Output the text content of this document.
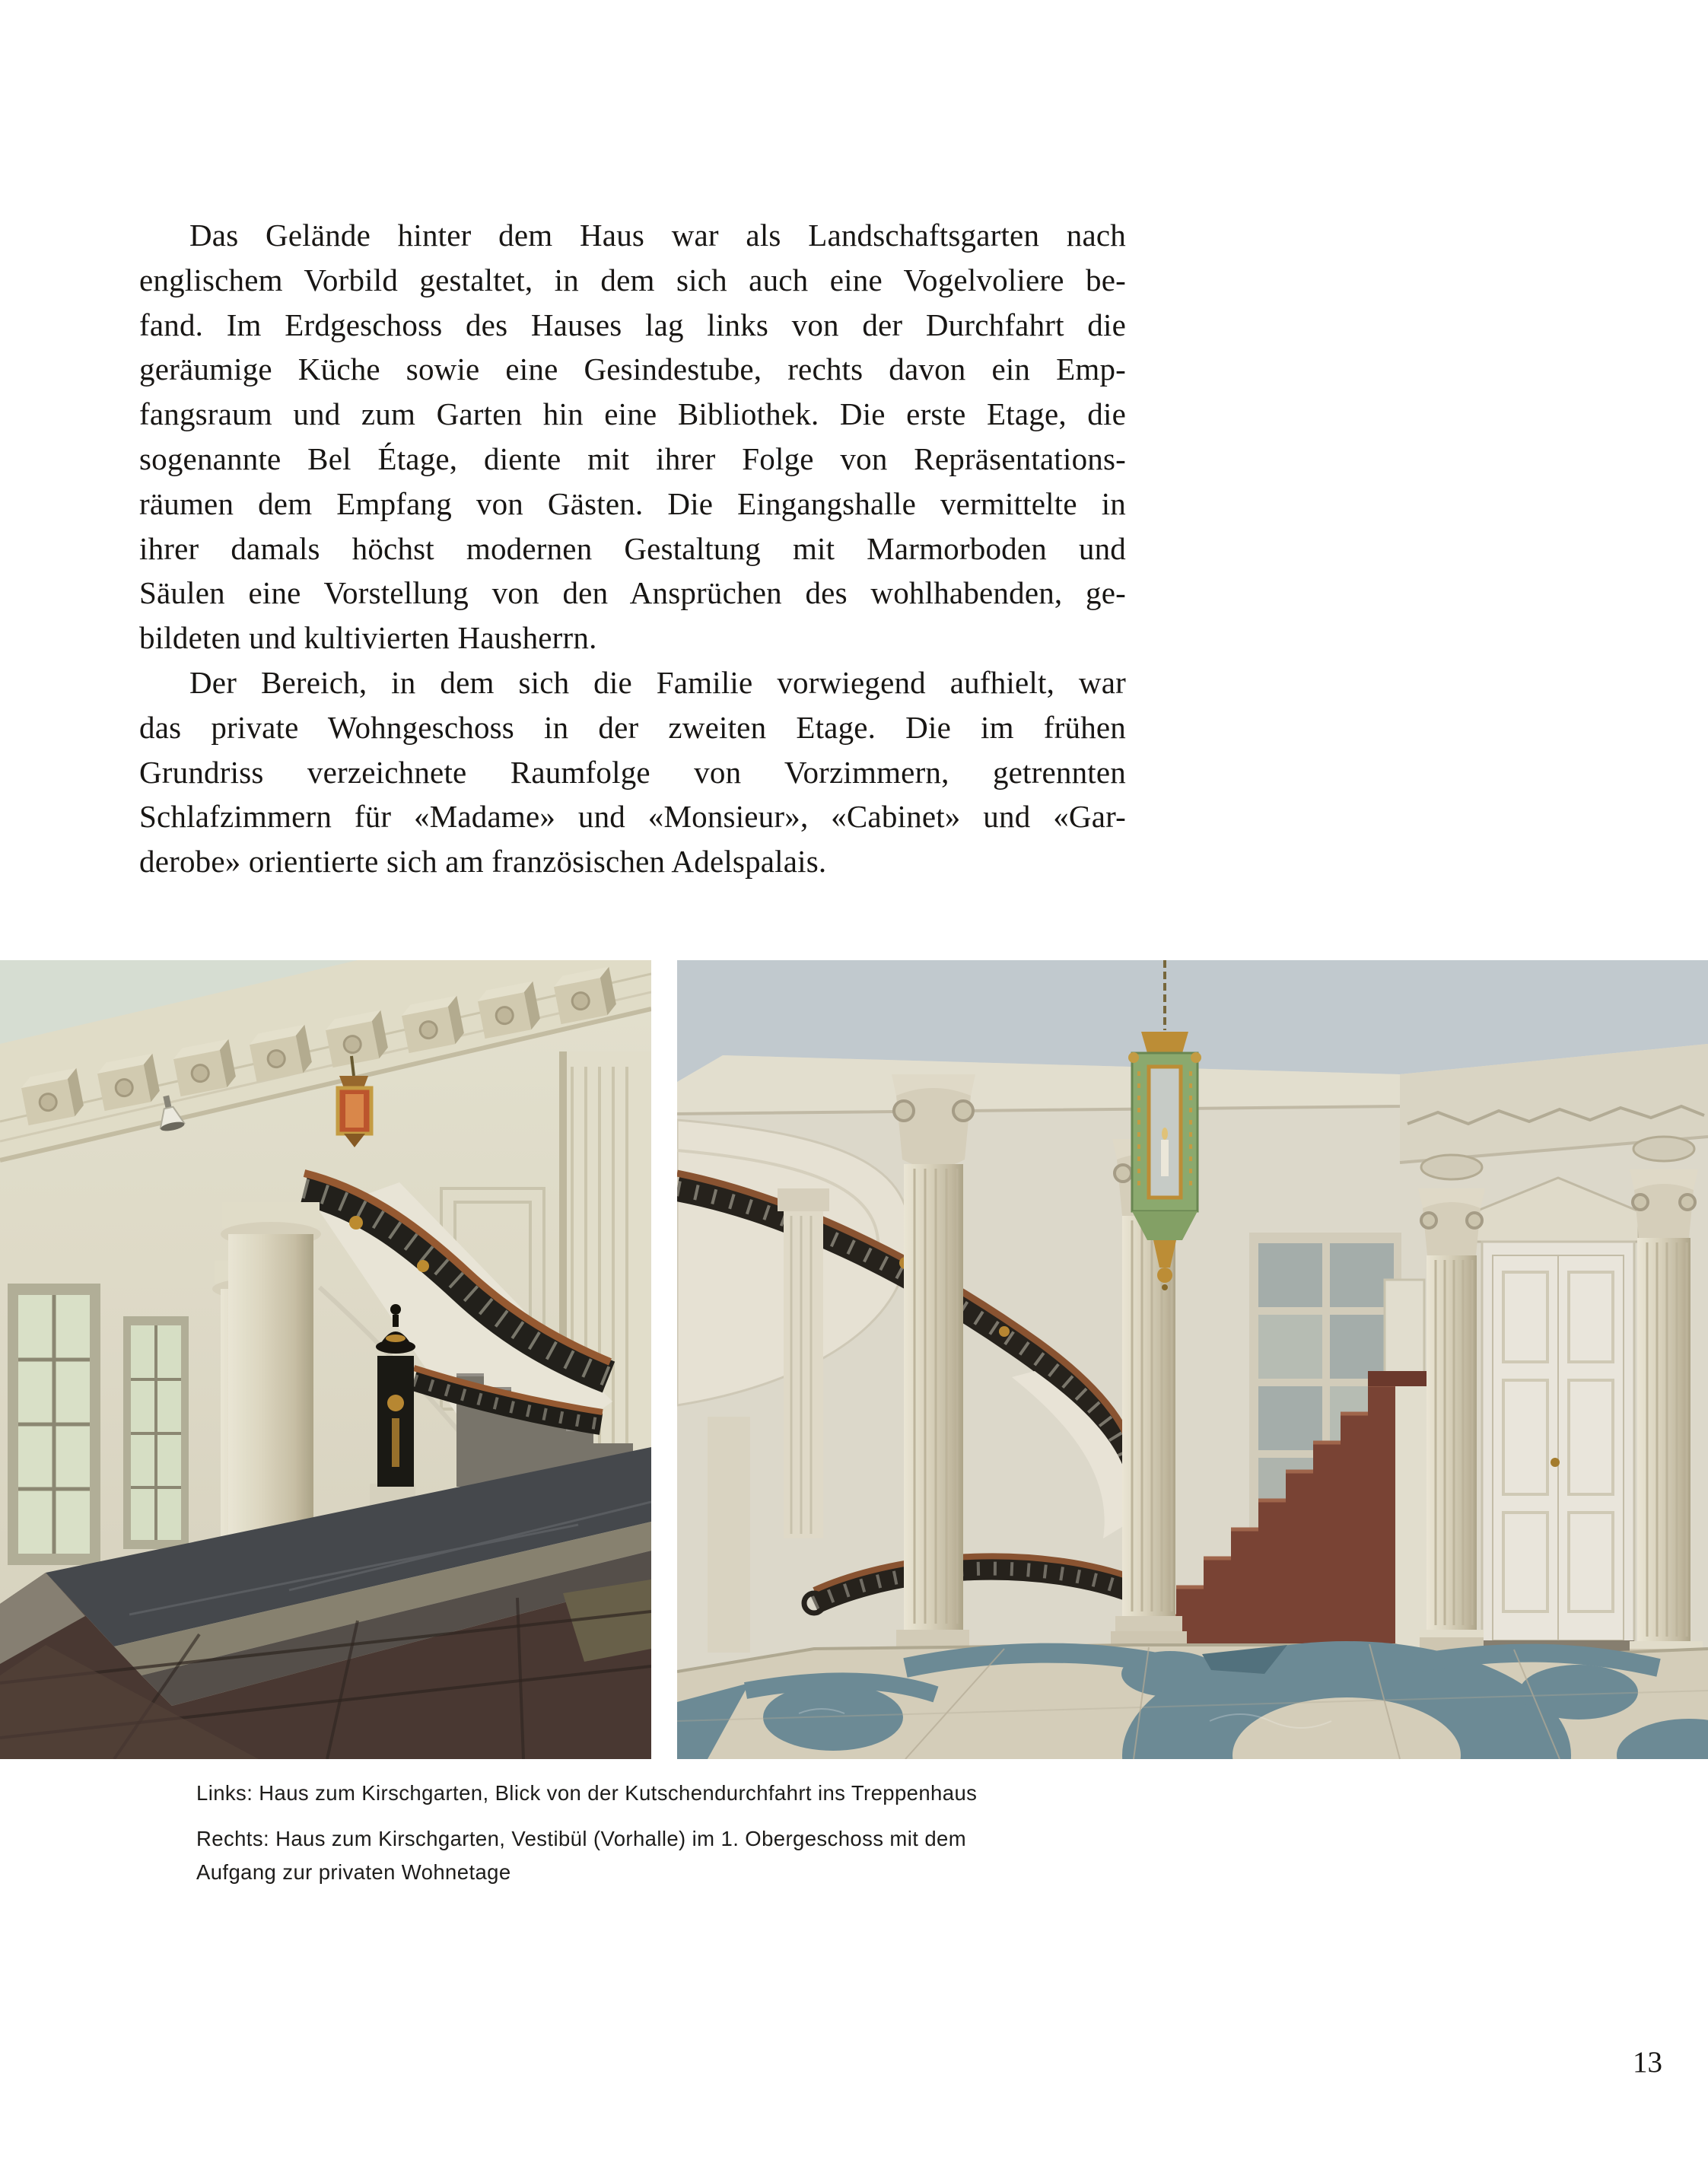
Das Gelände hinter dem Haus war als Landschaftsgarten nach
englischem Vorbild gestaltet, in dem sich auch eine Vogelvoliere be-
fand. Im Erdgeschoss des Hauses lag links von der Durchfahrt die
geräumige Küche sowie eine Gesindestube, rechts davon ein Emp-
fangsraum und zum Garten hin eine Bibliothek. Die erste Etage, die
sogenannte Bel Étage, diente mit ihrer Folge von Repräsentations-
räumen dem Empfang von Gästen. Die Eingangshalle vermittelte in
ihrer damals höchst modernen Gestaltung mit Marmorboden und
Säulen eine Vorstellung von den Ansprüchen des wohlhabenden, ge-
bildeten und kultivierten Hausherrn.
Der Bereich, in dem sich die Familie vorwiegend aufhielt, war
das private Wohngeschoss in der zweiten Etage. Die im frühen
Grundriss verzeichnete Raumfolge von Vorzimmern, getrennten
Schlafzimmern für «Madame» und «Monsieur», «Cabinet» und «Gar-
derobe» orientierte sich am französischen Adelspalais.
Links: Haus zum Kirschgarten, Blick von der Kutschendurchfahrt ins Treppenhaus
Rechts: Haus zum Kirschgarten, Vestibül (Vorhalle) im 1. Obergeschoss mit dem
Aufgang zur privaten Wohnetage
13
